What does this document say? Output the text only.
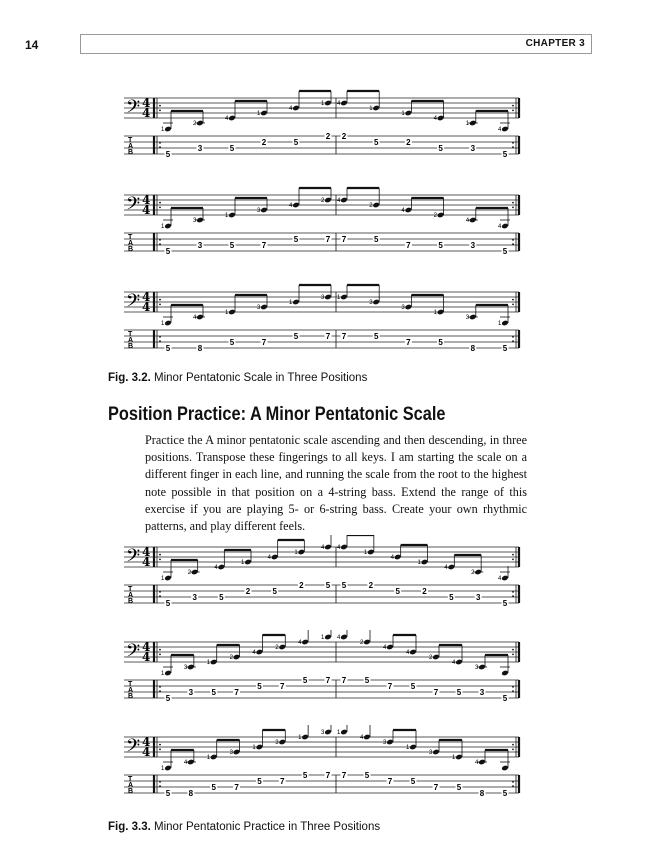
14	CHAPTER 3
𝄢 4
4
T
A
B	5
1
3
2
5
4
2
1
5
4
2
1
2
4
5
1
2
1
5
4
3
1
5
4
𝄢 4
4
T
A
B	5
1
3
3
5
1
7
3
5
4
7
2
7
4
5
2
7
4
5
2
3
4
5
4
𝄢 4
4
T
A
B	5
1
8
4
5
1
7
3
5
1
7
3
7
1
5
3
7
3
5
1
8
3
5
1
Fig. 3.2. Minor Pentatonic Scale in Three Positions
Position Practice: A Minor Pentatonic Scale

Practice the A minor pentatonic scale ascending and then descending, in three positions. Transpose these fingerings to all keys. I am starting the scale on a different finger in each line, and running the scale from the root to the highest note possible in that position on a 4-string bass. Extend the range of this exercise if you are playing 5- or 6-string bass. Create your own rhythmic patterns, and play different feels.

𝄢 4
4
T
A
B	5
1
3
2
5
4
2
1
5
4
2
1
5
4
5
4
2
1
5
4
2
1
5
4
3
2
5
4
𝄢 4
4
T
A
B	5
1
3
3
5
1
7
2
5
4
7
2
5
4
7
1
7
4
5
2
7
4
5
4
7
2
5
4
3
3
5
𝄢 4
4
T
A
B	5
1
8
4
5
1
7
3
5
1
7
3
5
1
7
3
7
1
5
4
7
3
5
1
7
3
5
1
8
4
5
Fig. 3.3. Minor Pentatonic Practice in Three Positions
